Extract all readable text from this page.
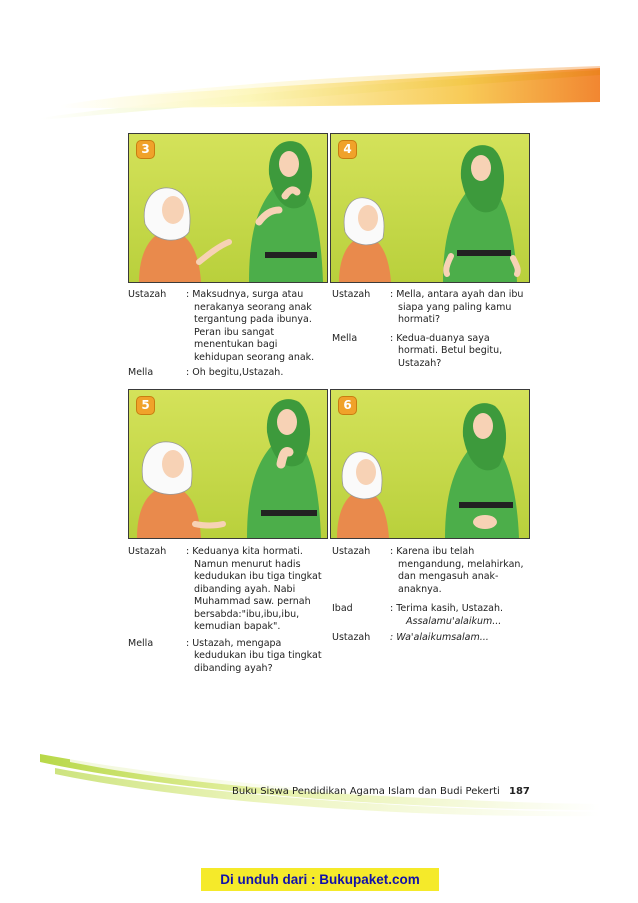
3	4
Ustazah	: Maksudnya, surga atau nerakanya seorang anak tergantung pada ibunya. Peran ibu sangat menentukan bagi kehidupan seorang anak.
Mella	: Oh begitu,Ustazah.
Ustazah	: Mella, antara ayah dan ibu siapa yang paling kamu hormati?
Mella	: Kedua-duanya saya hormati. Betul begitu, Ustazah?
5	6
Ustazah	: Keduanya kita hormati. Namun menurut hadis kedudukan ibu tiga tingkat dibanding ayah. Nabi Muhammad saw. pernah bersabda:"ibu,ibu,ibu, kemudian bapak".
Mella	: Ustazah, mengapa kedudukan ibu tiga tingkat dibanding ayah?
Ustazah	: Karena ibu telah mengandung, melahirkan, dan mengasuh anak-anaknya.
Ibad	: Terima kasih, Ustazah.
Assalamu'alaikum...
Ustazah	: Wa'alaikumsalam...
Buku Siswa Pendidikan Agama Islam dan Budi Pekerti 187
Di unduh dari : Bukupaket.com
